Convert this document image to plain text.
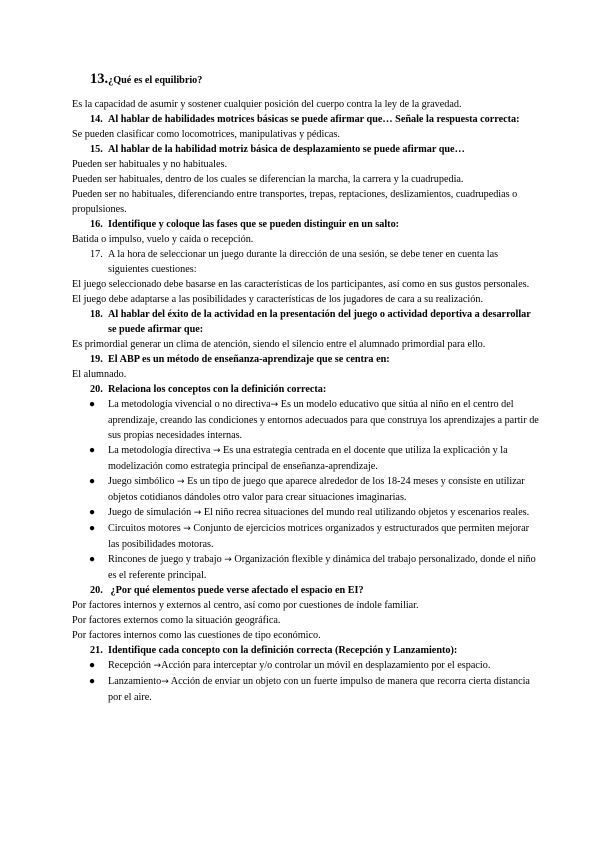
13.¿Qué es el equilibrio?

Es la capacidad de asumir y sostener cualquier posición del cuerpo contra la ley de la gravedad.

14. Al hablar de habilidades motrices básicas se puede afirmar que… Señale la respuesta correcta:

Se pueden clasificar como locomotrices, manipulativas y pédicas.

15. Al hablar de la habilidad motriz básica de desplazamiento se puede afirmar que…

Pueden ser habituales y no habituales.

Pueden ser habituales, dentro de los cuales se diferencian la marcha, la carrera y la cuadrupedia.

Pueden ser no habituales, diferenciando entre transportes, trepas, reptaciones, deslizamientos, cuadrupedias o propulsiones.

16. Identifique y coloque las fases que se pueden distinguir en un salto:

Batida o impulso, vuelo y caída o recepción.

17. A la hora de seleccionar un juego durante la dirección de una sesión, se debe tener en cuenta las siguientes cuestiones:

El juego seleccionado debe basarse en las características de los participantes, así como en sus gustos personales.

El juego debe adaptarse a las posibilidades y características de los jugadores de cara a su realización.

18. Al hablar del éxito de la actividad en la presentación del juego o actividad deportiva a desarrollar se puede afirmar que:

Es primordial generar un clima de atención, siendo el silencio entre el alumnado primordial para ello.

19. El ABP es un método de enseñanza-aprendizaje que se centra en:

El alumnado.

20. Relaciona los conceptos con la definición correcta:

● La metodología vivencial o no directiva→ Es un modelo educativo que sitúa al niño en el centro del aprendizaje, creando las condiciones y entornos adecuados para que construya los aprendizajes a partir de sus propias necesidades internas.
● La metodología directiva → Es una estrategia centrada en el docente que utiliza la explicación y la modelización como estrategia principal de enseñanza-aprendizaje.
● Juego simbólico → Es un tipo de juego que aparece alrededor de los 18-24 meses y consiste en utilizar objetos cotidianos dándoles otro valor para crear situaciones imaginarias.
● Juego de simulación → El niño recrea situaciones del mundo real utilizando objetos y escenarios reales.
● Circuitos motores → Conjunto de ejercicios motrices organizados y estructurados que permiten mejorar las posibilidades motoras.
● Rincones de juego y trabajo → Organización flexible y dinámica del trabajo personalizado, donde el niño es el referente principal.

20. ¿Por qué elementos puede verse afectado el espacio en EI?

Por factores internos y externos al centro, así como por cuestiones de índole familiar.

Por factores externos como la situación geográfica.

Por factores internos como las cuestiones de tipo económico.

21. Identifique cada concepto con la definición correcta (Recepción y Lanzamiento):

● Recepción →Acción para interceptar y/o controlar un móvil en desplazamiento por el espacio.
● Lanzamiento→ Acción de enviar un objeto con un fuerte impulso de manera que recorra cierta distancia por el aire.
